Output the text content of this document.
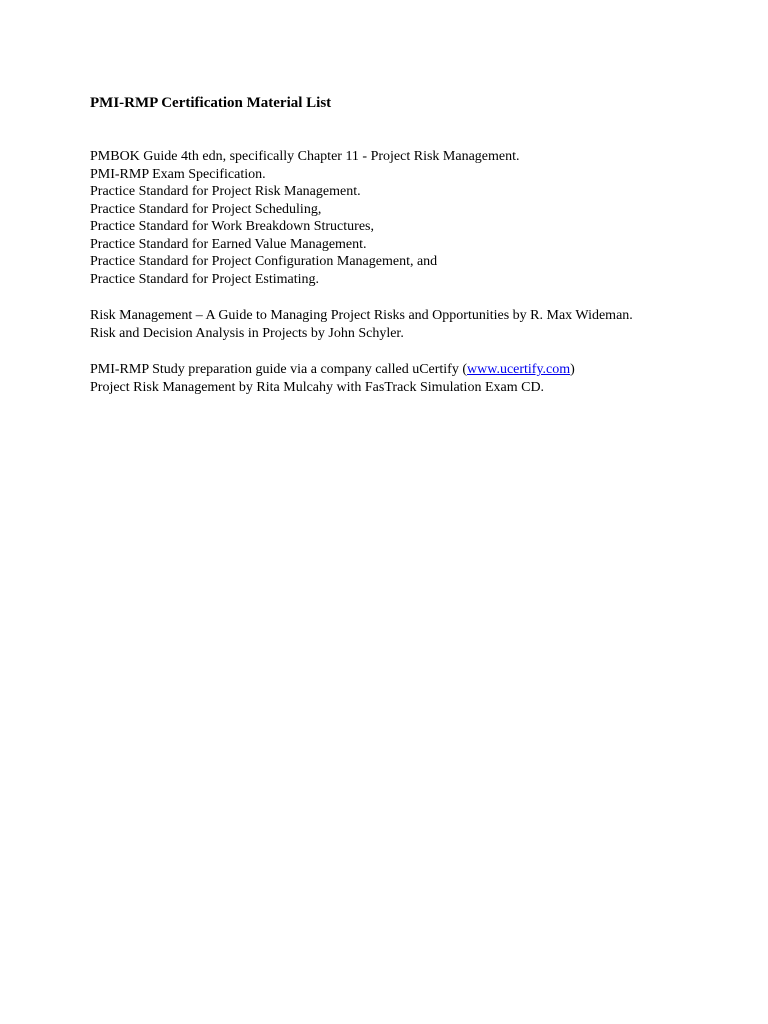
PMI-RMP Certification Material List
PMBOK Guide 4th edn, specifically Chapter 11 - Project Risk Management.
PMI-RMP Exam Specification.
Practice Standard for Project Risk Management.
Practice Standard for Project Scheduling,
Practice Standard for Work Breakdown Structures,
Practice Standard for Earned Value Management.
Practice Standard for Project Configuration Management, and
Practice Standard for Project Estimating.
Risk Management – A Guide to Managing Project Risks and Opportunities by R. Max Wideman.
Risk and Decision Analysis in Projects by John Schyler.
PMI-RMP Study preparation guide via a company called uCertify (www.ucertify.com)
Project Risk Management by Rita Mulcahy with FasTrack Simulation Exam CD.
